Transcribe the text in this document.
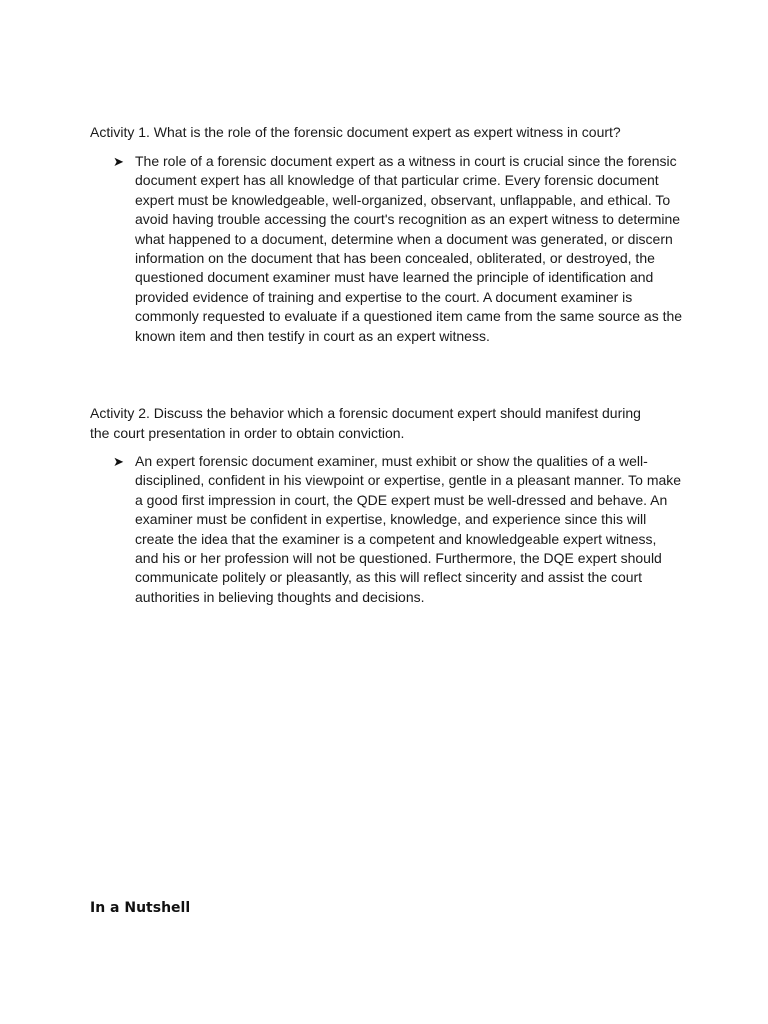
Activity 1. What is the role of the forensic document expert as expert witness in court?

➤ The role of a forensic document expert as a witness in court is crucial since the forensic document expert has all knowledge of that particular crime. Every forensic document expert must be knowledgeable, well-organized, observant, unflappable, and ethical. To avoid having trouble accessing the court's recognition as an expert witness to determine what happened to a document, determine when a document was generated, or discern information on the document that has been concealed, obliterated, or destroyed, the questioned document examiner must have learned the principle of identification and provided evidence of training and expertise to the court. A document examiner is commonly requested to evaluate if a questioned item came from the same source as the known item and then testify in court as an expert witness.

Activity 2. Discuss the behavior which a forensic document expert should manifest during the court presentation in order to obtain conviction.

➤ An expert forensic document examiner, must exhibit or show the qualities of a well-disciplined, confident in his viewpoint or expertise, gentle in a pleasant manner. To make a good first impression in court, the QDE expert must be well-dressed and behave. An examiner must be confident in expertise, knowledge, and experience since this will create the idea that the examiner is a competent and knowledgeable expert witness, and his or her profession will not be questioned. Furthermore, the DQE expert should communicate politely or pleasantly, as this will reflect sincerity and assist the court authorities in believing thoughts and decisions.

In a Nutshell
